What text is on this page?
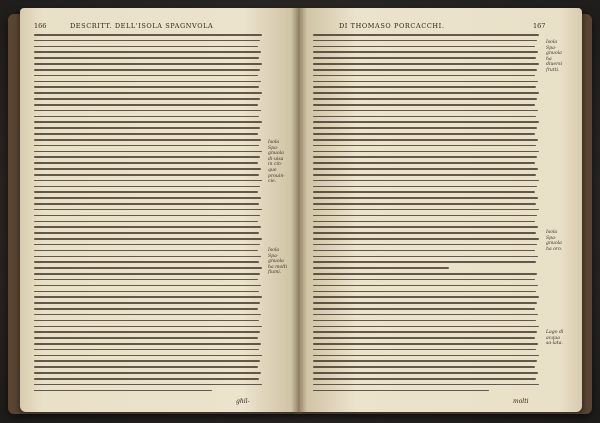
166	DESCRITT. DELL'ISOLA SPAGNVOLA
Isola Spa-gnuola di-uisa in cin-que prouin-cie.
Isola Spa-gnuola ha molti fiumi.
ghil-
DI THOMASO PORCACCHI.	167
Isola Spa-gnuola ha diuersi frutti.
Isola Spa-gnuola ha oro.
Lago di acqua sa-lata.
molti
